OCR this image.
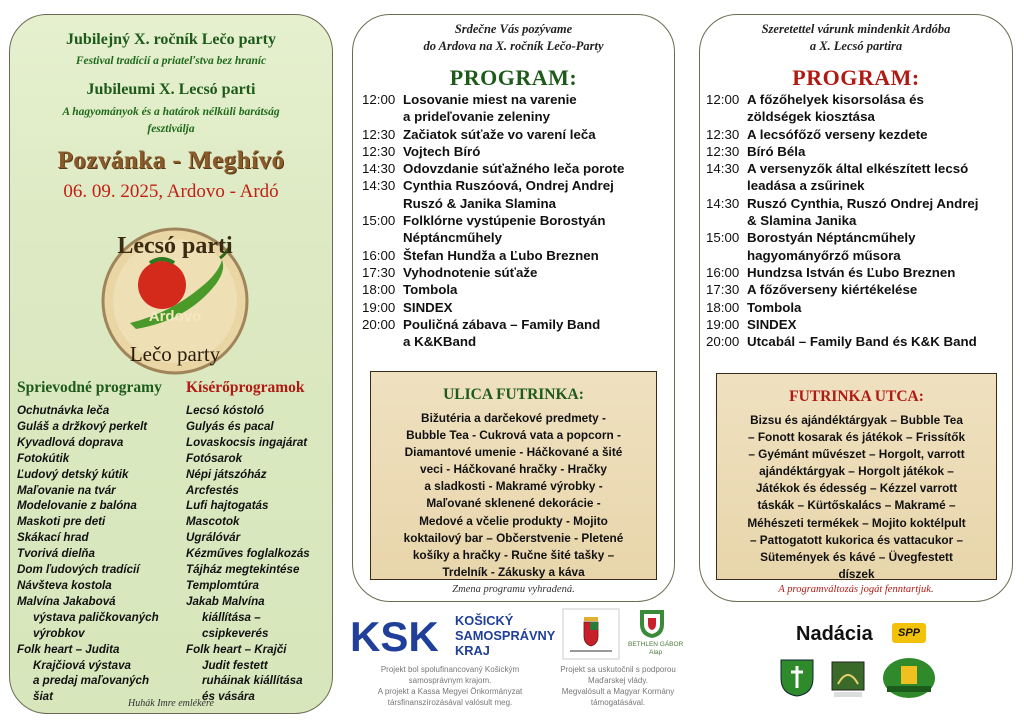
Jubilejný X. ročník Lečo party
Festival tradícií a priateľstva bez hraníc
Jubileumi X. Lecsó parti
A hagyományok és a határok nélküli barátság
fesztiválja
Pozvánka - Meghívó
06. 09. 2025, Ardovo - Ardó
Lecsó parti
Ardovo
Lečo party
Sprievodné programy Kísérőprogramok
Ochutnávka leča
Guláš a držkový perkelt
Kyvadlová doprava
Fotokútik
Ľudový detský kútik
Maľovanie na tvár
Modelovanie z balóna
Maskoti pre deti
Skákací hrad
Tvorivá dielňa
Dom ľudových tradícií
Návšteva kostola
Malvína Jakabová
výstava paličkovaných
výrobkov
Folk heart – Judita
Krajčiová výstava
a predaj maľovaných
šiat
Lecsó kóstoló
Gulyás és pacal
Lovaskocsis ingajárat
Fotósarok
Népi játszóház
Arcfestés
Lufi hajtogatás
Mascotok
Ugrálóvár
Kézműves foglalkozás
Tájház megtekintése
Templomtúra
Jakab Malvína
kiállítása –
csipkeverés
Folk heart – Krajči
Judit festett
ruháinak kiállítása
és vására
Huhák Imre emlékére
Srdečne Vás pozývame
do Ardova na X. ročník Lečo-Party
PROGRAM:
12:00 Losovanie miest na varenie
a prideľovanie zeleniny
12:30 Začiatok súťaže vo varení leča
12:30 Vojtech Bíró
14:30 Odovzdanie súťažného leča porote
14:30 Cynthia Ruszóová, Ondrej Andrej
Ruszó & Janika Slamina
15:00 Folklórne vystúpenie Borostyán
Néptáncműhely
16:00 Štefan Hundža a Ľubo Breznen
17:30 Vyhodnotenie súťaže
18:00 Tombola
19:00 SINDEX
20:00 Pouličná zábava – Family Band
a K&KBand
ULICA FUTRINKA:
Bižutéria a darčekové predmety -
Bubble Tea - Cukrová vata a popcorn -
Diamantové umenie - Háčkované a šité
veci - Háčkované hračky - Hračky
a sladkosti - Makramé výrobky -
Maľované sklenené dekorácie -
Medové a včelie produkty - Mojito
koktailový bar – Občerstvenie - Pletené
košíky a hračky - Ručne šité tašky –
Trdelník - Zákusky a káva
Zmena programu vyhradená.
Szeretettel várunk mindenkit Ardóba
a X. Lecsó partira
PROGRAM:
12:00 A főzőhelyek kisorsolása és
zöldségek kiosztása
12:30 A lecsófőző verseny kezdete
12:30 Bíró Béla
14:30 A versenyzők által elkészített lecsó
leadása a zsűrinek
14:30 Ruszó Cynthia, Ruszó Ondrej Andrej
& Slamina Janika
15:00 Borostyán Néptáncműhely
hagyományőrző műsora
16:00 Hundzsa István és Ľubo Breznen
17:30 A főzőverseny kiértékelése
18:00 Tombola
19:00 SINDEX
20:00 Utcabál – Family Band és K&K Band
FUTRINKA UTCA:
Bizsu és ajándéktárgyak – Bubble Tea
– Fonott kosarak és játékok – Frissítők
– Gyémánt művészet – Horgolt, varrott
ajándéktárgyak – Horgolt játékok –
Játékok és édesség – Kézzel varrott
táskák – Kürtőskalács – Makramé –
Méhészeti termékek – Mojito koktélpult
– Pattogatott kukorica és vattacukor –
Sütemények és kávé – Üvegfestett
díszek
A programváltozás jogát fenntartjuk.
KSK KOŠICKÝ
SAMOSPRÁVNY
KRAJ
Projekt bol spolufinancovaný Košickým
samosprávnym krajom.
A projekt a Kassa Megyei Önkormányzat
társfinanszírozásával valósult meg.
BETHLEN GÁBOR
Alap
Projekt sa uskutočnil s podporou
Maďarskej vlády.
Megvalósult a Magyar Kormány
támogatásával.
Nadácia	SPP
